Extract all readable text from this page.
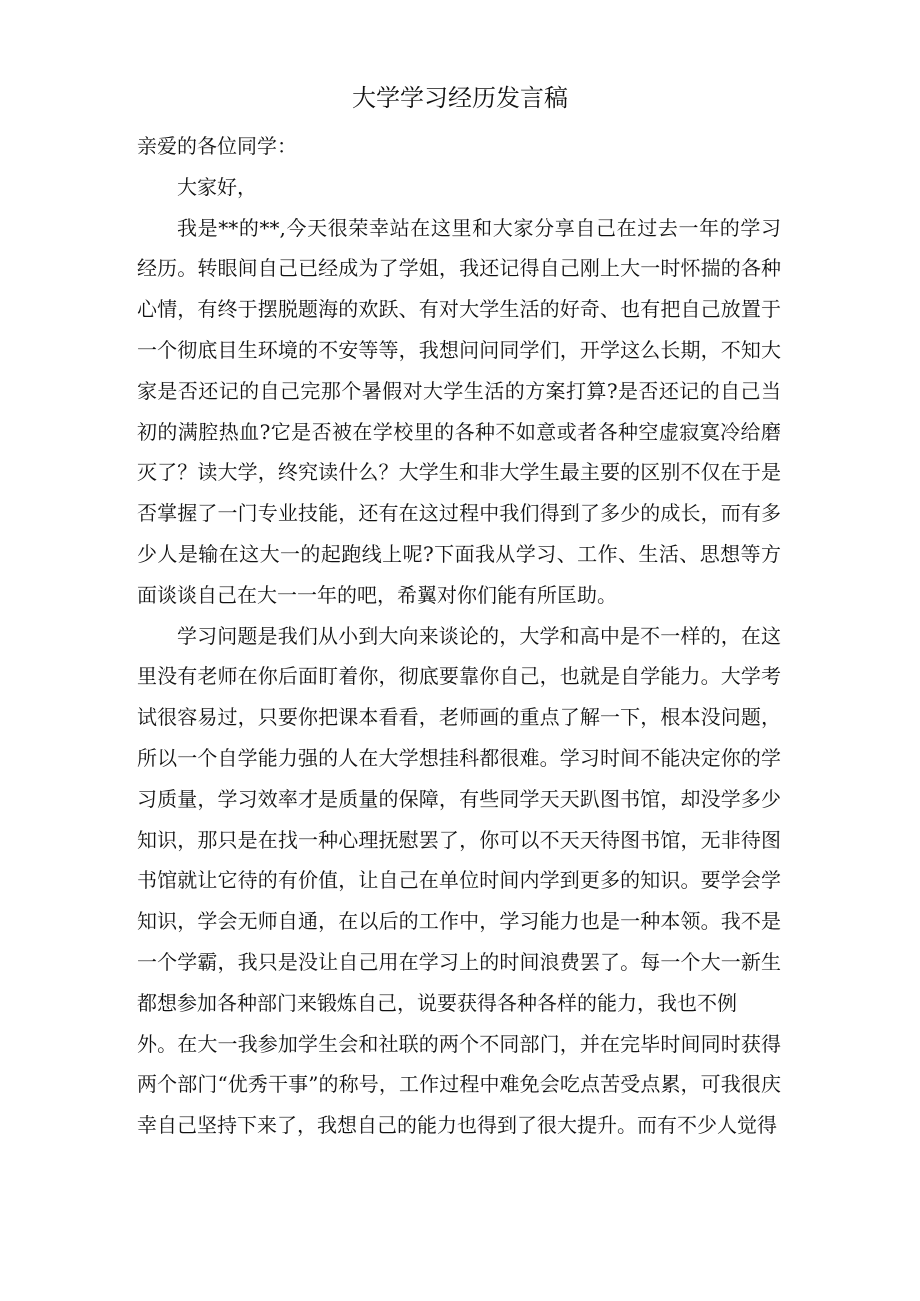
大学学习经历发言稿

亲爱的各位同学：

大家好，

我是**的**,今天很荣幸站在这里和大家分享自己在过去一年的学习经历。转眼间自己已经成为了学姐，我还记得自己刚上大一时怀揣的各种心情，有终于摆脱题海的欢跃、有对大学生活的好奇、也有把自己放置于一个彻底目生环境的不安等等，我想问问同学们，开学这么长期，不知大家是否还记的自己完那个暑假对大学生活的方案打算?是否还记的自己当初的满腔热血?它是否被在学校里的各种不如意或者各种空虚寂寞冷给磨灭了？读大学，终究读什么？大学生和非大学生最主要的区别不仅在于是否掌握了一门专业技能，还有在这过程中我们得到了多少的成长，而有多少人是输在这大一的起跑线上呢?下面我从学习、工作、生活、思想等方面谈谈自己在大一一年的吧，希翼对你们能有所匡助。

学习问题是我们从小到大向来谈论的，大学和高中是不一样的，在这里没有老师在你后面盯着你，彻底要靠你自己，也就是自学能力。大学考试很容易过，只要你把课本看看，老师画的重点了解一下，根本没问题，所以一个自学能力强的人在大学想挂科都很难。学习时间不能决定你的学习质量，学习效率才是质量的保障，有些同学天天趴图书馆，却没学多少知识，那只是在找一种心理抚慰罢了，你可以不天天待图书馆，无非待图书馆就让它待的有价值，让自己在单位时间内学到更多的知识。要学会学知识，学会无师自通，在以后的工作中，学习能力也是一种本领。我不是一个学霸，我只是没让自己用在学习上的时间浪费罢了。每一个大一新生都想参加各种部门来锻炼自己，说要获得各种各样的能力，我也不例

外。在大一我参加学生会和社联的两个不同部门，并在完毕时间同时获得两个部门“优秀干事”的称号，工作过程中难免会吃点苦受点累，可我很庆幸自己坚持下来了，我想自己的能力也得到了很大提升。而有不少人觉得
